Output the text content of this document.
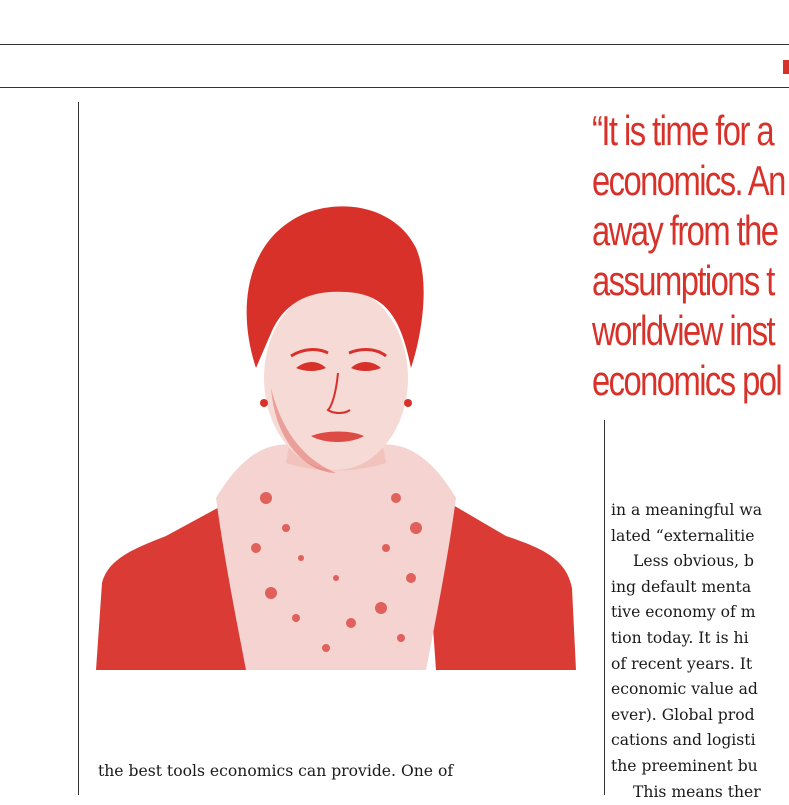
“It is time for a
economics. An
away from the
assumptions t
worldview inst
economics pol
the best tools economics can provide. One of
in a meaningful wa
lated “externalitie
Less obvious, b
ing default menta
tive economy of m
tion today. It is hi
of recent years. It
economic value ad
ever). Global prod
cations and logisti
the preeminent bu
This means ther
